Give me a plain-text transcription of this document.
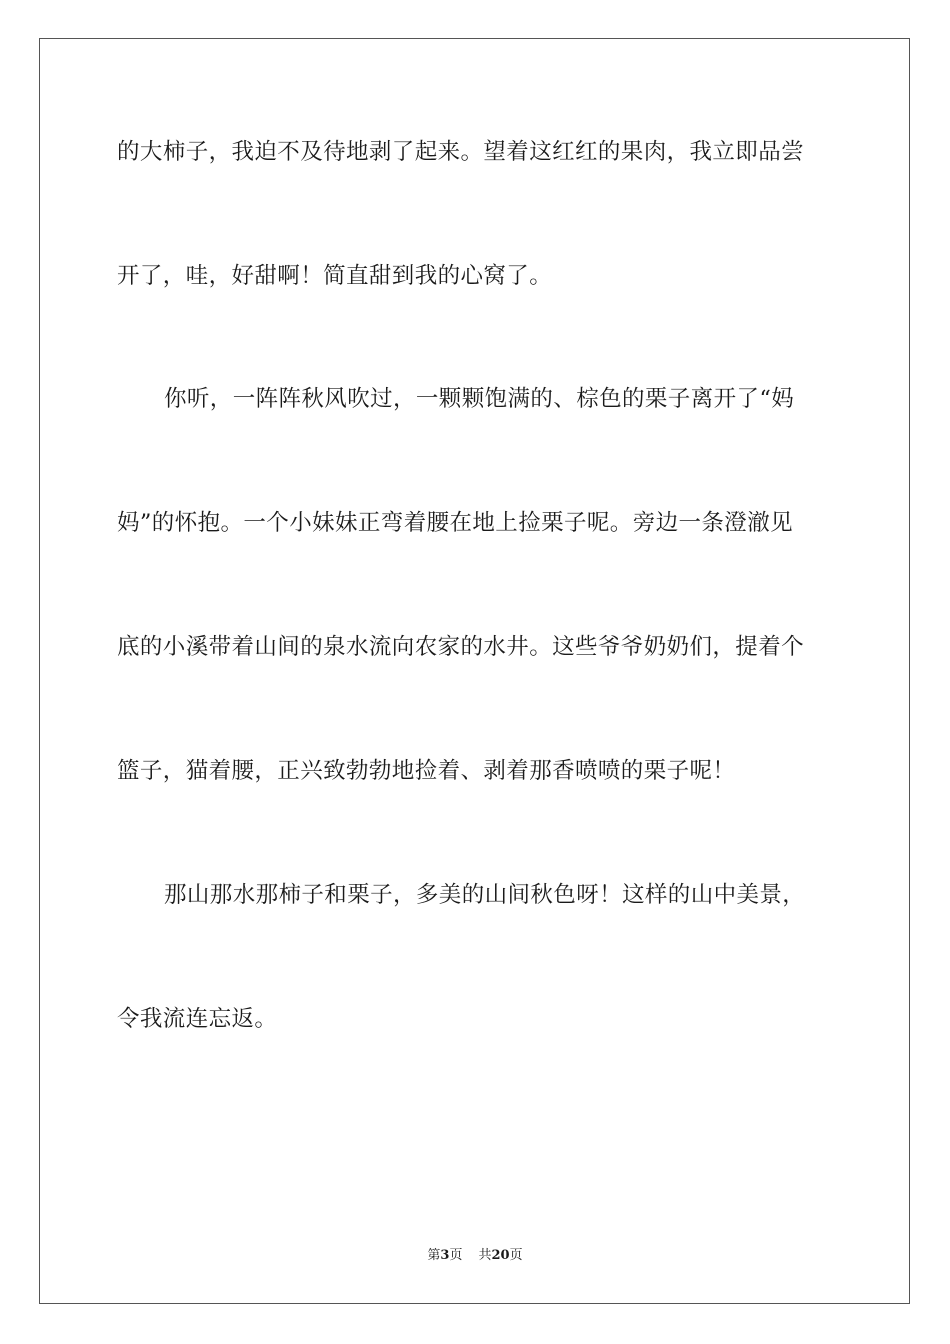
的大柿子，我迫不及待地剥了起来。望着这红红的果肉，我立即品尝
开了，哇，好甜啊！简直甜到我的心窝了。
你听，一阵阵秋风吹过，一颗颗饱满的、棕色的栗子离开了“妈
妈”的怀抱。一个小妹妹正弯着腰在地上捡栗子呢。旁边一条澄澈见
底的小溪带着山间的泉水流向农家的水井。这些爷爷奶奶们，提着个
篮子，猫着腰，正兴致勃勃地捡着、剥着那香喷喷的栗子呢！
那山那水那柿子和栗子，多美的山间秋色呀！这样的山中美景，
令我流连忘返。
第3页 共20页
